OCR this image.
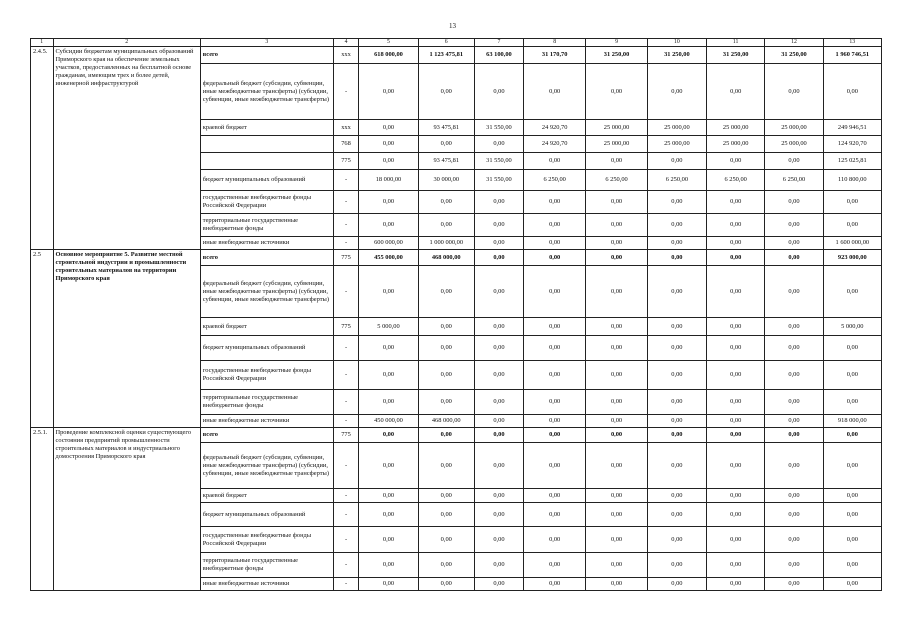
13
1	2	3	4	5	6	7	8	9	10	11	12	13
2.4.5.	Субсидии бюджетам муниципальных образований Приморского края на обеспечение земельных участков, предоставленных на бесплатной основе гражданам, имеющим трех и более детей, инженерной инфраструктурой	всего	ххх	618 000,00	1 123 475,81	63 100,00	31 170,70	31 250,00	31 250,00	31 250,00	31 250,00	1 960 746,51
		федеральный бюджет (субсидии, субвенции, иные межбюджетные трансферты) (субсидии, субвенции, иные межбюджетные трансферты)	-	0,00	0,00	0,00	0,00	0,00	0,00	0,00	0,00	0,00
		краевой бюджет	ххх	0,00	93 475,81	31 550,00	24 920,70	25 000,00	25 000,00	25 000,00	25 000,00	249 946,51
			768	0,00	0,00	0,00	24 920,70	25 000,00	25 000,00	25 000,00	25 000,00	124 920,70
			775	0,00	93 475,81	31 550,00	0,00	0,00	0,00	0,00	0,00	125 025,81
		бюджет муниципальных образований	-	18 000,00	30 000,00	31 550,00	6 250,00	6 250,00	6 250,00	6 250,00	6 250,00	110 800,00
		государственные внебюджетные фонды Российской Федерации	-	0,00	0,00	0,00	0,00	0,00	0,00	0,00	0,00	0,00
		территориальные государственные внебюджетные фонды	-	0,00	0,00	0,00	0,00	0,00	0,00	0,00	0,00	0,00
		иные внебюджетные источники	-	600 000,00	1 000 000,00	0,00	0,00	0,00	0,00	0,00	0,00	1 600 000,00
2.5	Основное мероприятие 5. Развитие местной строительной индустрии и промышленности строительных материалов на территории Приморского края	всего	775	455 000,00	468 000,00	0,00	0,00	0,00	0,00	0,00	0,00	923 000,00
		федеральный бюджет (субсидии, субвенции, иные межбюджетные трансферты) (субсидии, субвенции, иные межбюджетные трансферты)	-	0,00	0,00	0,00	0,00	0,00	0,00	0,00	0,00	0,00
		краевой бюджет	775	5 000,00	0,00	0,00	0,00	0,00	0,00	0,00	0,00	5 000,00
		бюджет муниципальных образований	-	0,00	0,00	0,00	0,00	0,00	0,00	0,00	0,00	0,00
		государственные внебюджетные фонды Российской Федерации	-	0,00	0,00	0,00	0,00	0,00	0,00	0,00	0,00	0,00
		территориальные государственные внебюджетные фонды	-	0,00	0,00	0,00	0,00	0,00	0,00	0,00	0,00	0,00
		иные внебюджетные источники	-	450 000,00	468 000,00	0,00	0,00	0,00	0,00	0,00	0,00	918 000,00
2.5.1.	Проведение комплексной оценки существующего состояния предприятий промышленности строительных материалов и индустриального домостроения Приморского края	всего	775	0,00	0,00	0,00	0,00	0,00	0,00	0,00	0,00	0,00
		федеральный бюджет (субсидии, субвенции, иные межбюджетные трансферты) (субсидии, субвенции, иные межбюджетные трансферты)	-	0,00	0,00	0,00	0,00	0,00	0,00	0,00	0,00	0,00
		краевой бюджет	-	0,00	0,00	0,00	0,00	0,00	0,00	0,00	0,00	0,00
		бюджет муниципальных образований	-	0,00	0,00	0,00	0,00	0,00	0,00	0,00	0,00	0,00
		государственные внебюджетные фонды Российской Федерации	-	0,00	0,00	0,00	0,00	0,00	0,00	0,00	0,00	0,00
		территориальные государственные внебюджетные фонды	-	0,00	0,00	0,00	0,00	0,00	0,00	0,00	0,00	0,00
		иные внебюджетные источники	-	0,00	0,00	0,00	0,00	0,00	0,00	0,00	0,00	0,00
